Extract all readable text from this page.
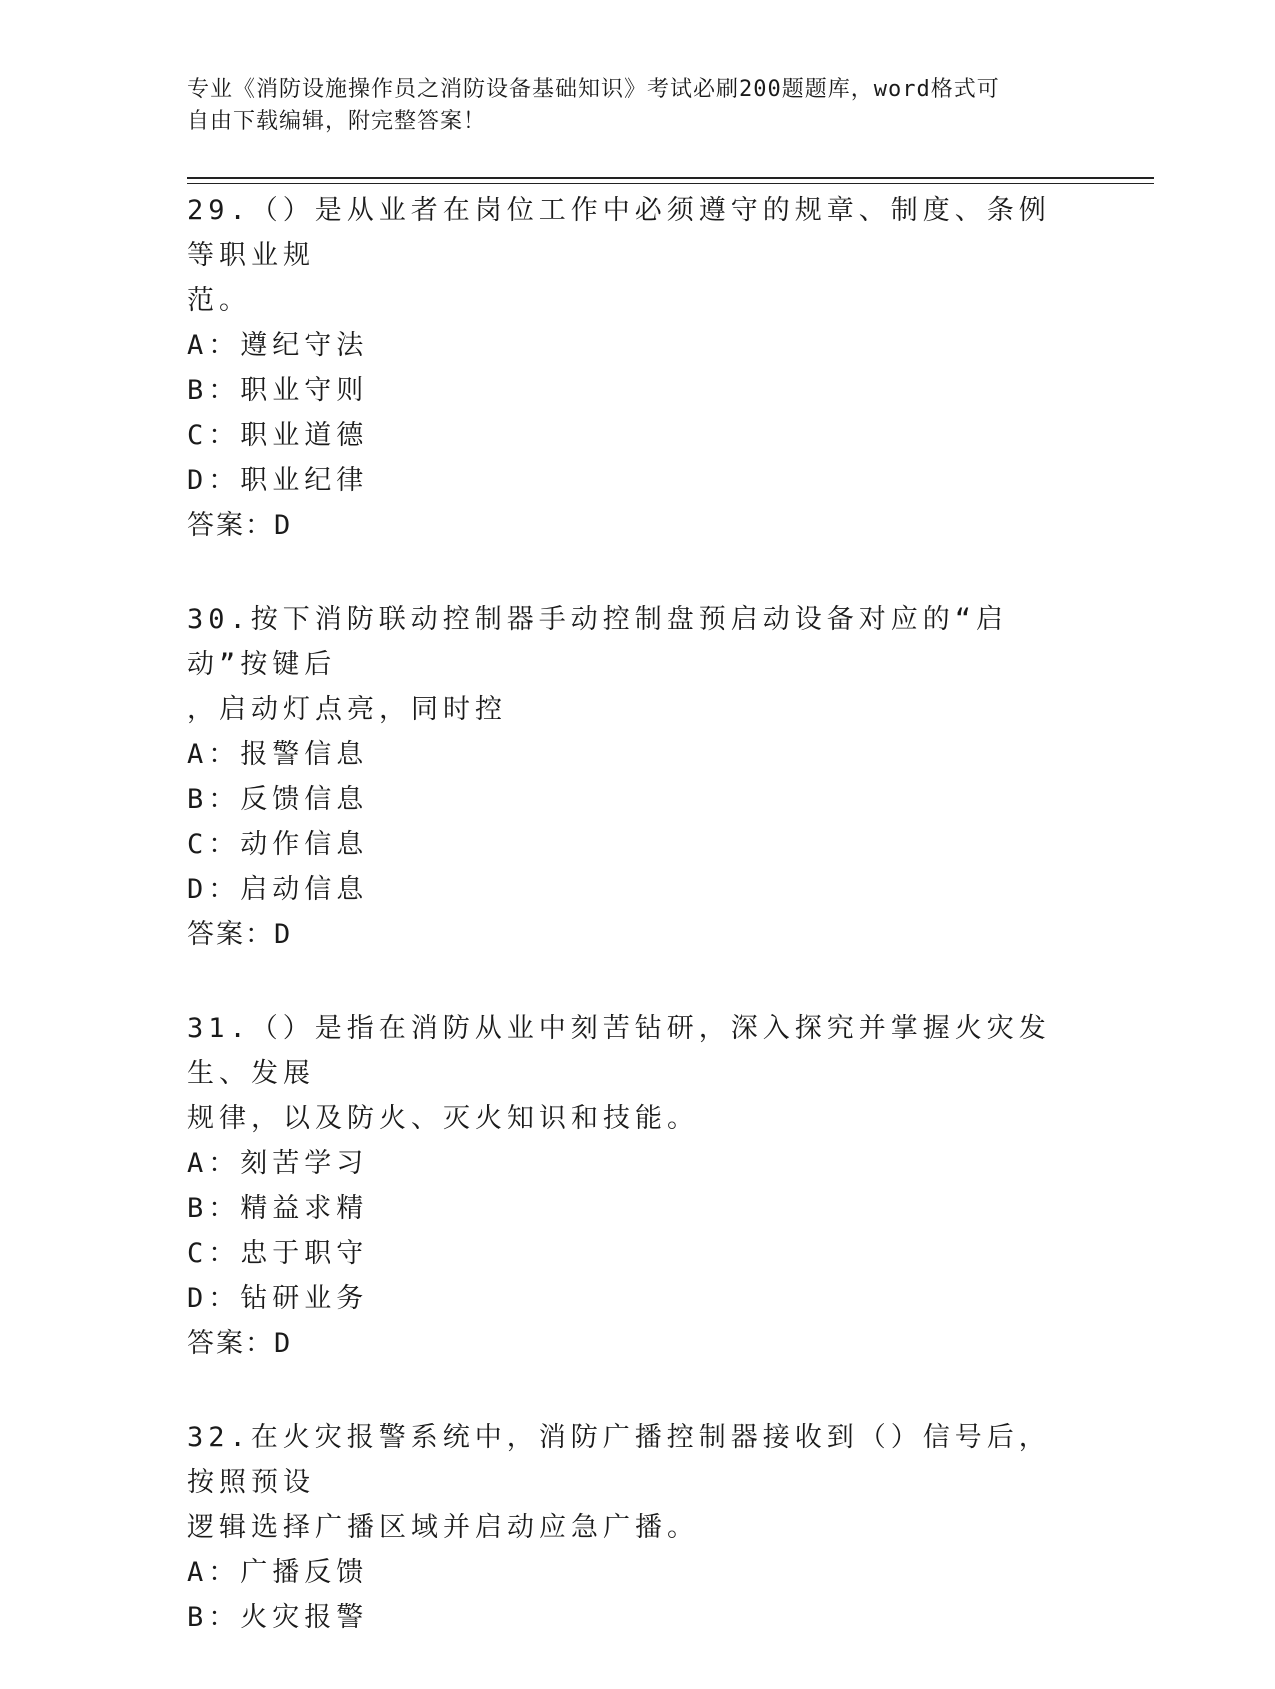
专业《消防设施操作员之消防设备基础知识》考试必刷200题题库，word格式可
自由下载编辑，附完整答案！
29.（）是从业者在岗位工作中必须遵守的规章、制度、条例等职业规
范。
A：遵纪守法
B：职业守则
C：职业道德
D：职业纪律
答案：D
30.按下消防联动控制器手动控制盘预启动设备对应的“启动”按键后
，启动灯点亮，同时控
A：报警信息
B：反馈信息
C：动作信息
D：启动信息
答案：D
31.（）是指在消防从业中刻苦钻研，深入探究并掌握火灾发生、发展
规律，以及防火、灭火知识和技能。
A：刻苦学习
B：精益求精
C：忠于职守
D：钻研业务
答案：D
32.在火灾报警系统中，消防广播控制器接收到（）信号后，按照预设
逻辑选择广播区域并启动应急广播。
A：广播反馈
B：火灾报警
